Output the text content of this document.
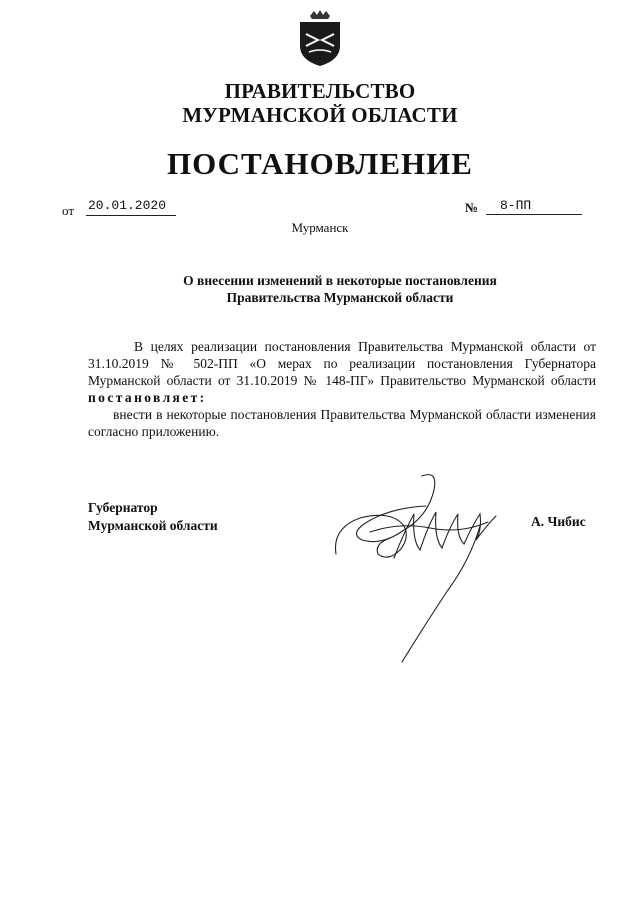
ПРАВИТЕЛЬСТВО
МУРМАНСКОЙ ОБЛАСТИ
ПОСТАНОВЛЕНИЕ
от 20.01.2020	№	8-ПП
Мурманск
О внесении изменений в некоторые постановления
Правительства Мурманской области
В целях реализации постановления Правительства Мурманской области от 31.10.2019 № 502-ПП «О мерах по реализации постановления Губернатора Мурманской области от 31.10.2019 № 148-ПГ» Правительство Мурманской области постановляет:
внести в некоторые постановления Правительства Мурманской области изменения согласно приложению.
Губернатор
Мурманской области	А. Чибис
